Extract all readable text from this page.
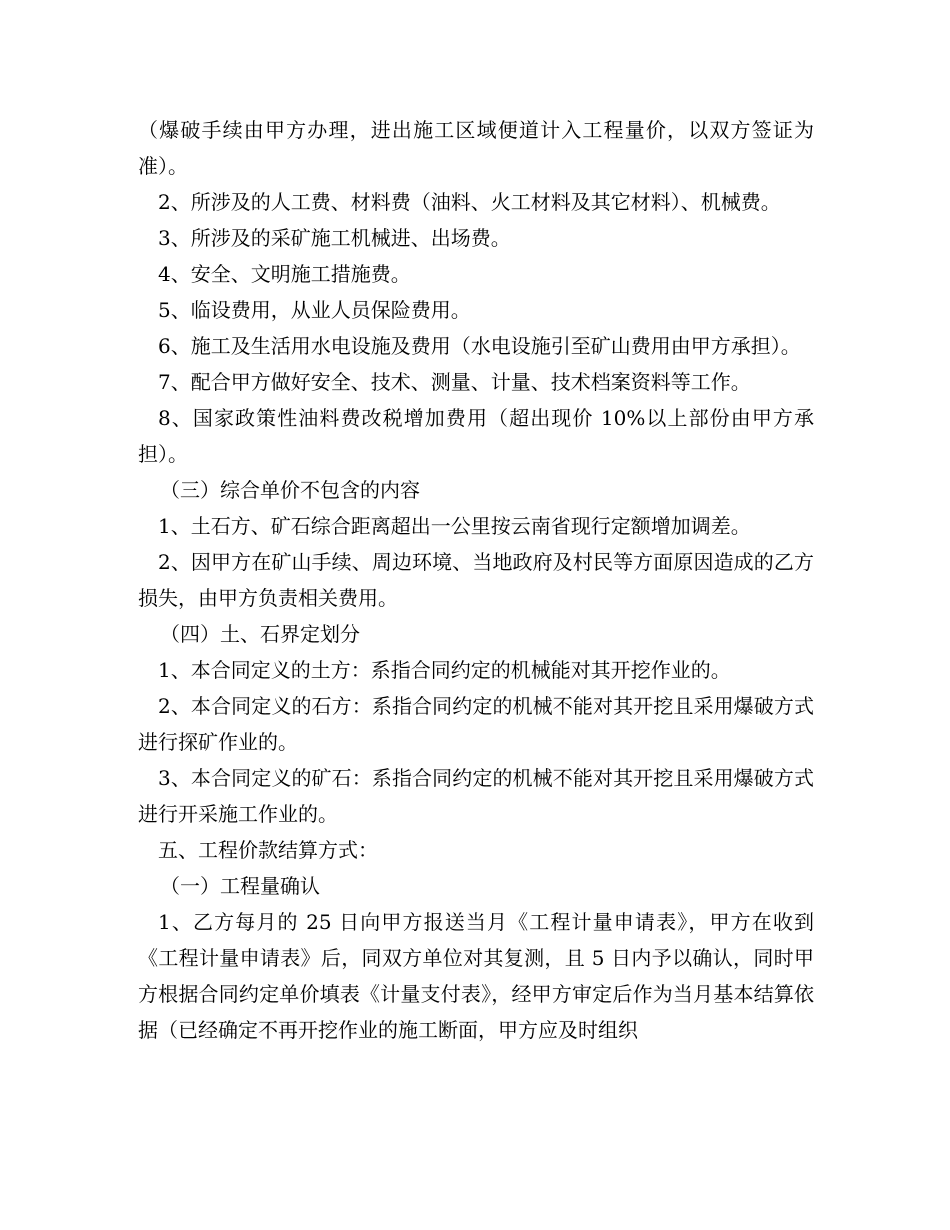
（爆破手续由甲方办理，进出施工区域便道计入工程量价，以双方签证为准）。

2、所涉及的人工费、材料费（油料、火工材料及其它材料）、机械费。

3、所涉及的采矿施工机械进、出场费。

4、安全、文明施工措施费。

5、临设费用，从业人员保险费用。

6、施工及生活用水电设施及费用（水电设施引至矿山费用由甲方承担）。

7、配合甲方做好安全、技术、测量、计量、技术档案资料等工作。

8、国家政策性油料费改税增加费用（超出现价 10%以上部份由甲方承担）。

（三）综合单价不包含的内容

1、土石方、矿石综合距离超出一公里按云南省现行定额增加调差。

2、因甲方在矿山手续、周边环境、当地政府及村民等方面原因造成的乙方损失，由甲方负责相关费用。

（四）土、石界定划分

1、本合同定义的土方：系指合同约定的机械能对其开挖作业的。

2、本合同定义的石方：系指合同约定的机械不能对其开挖且采用爆破方式进行探矿作业的。

3、本合同定义的矿石：系指合同约定的机械不能对其开挖且采用爆破方式进行开采施工作业的。

五、工程价款结算方式：

（一）工程量确认

1、乙方每月的 25 日向甲方报送当月《工程计量申请表》，甲方在收到《工程计量申请表》后，同双方单位对其复测，且 5 日内予以确认，同时甲方根据合同约定单价填表《计量支付表》，经甲方审定后作为当月基本结算依据（已经确定不再开挖作业的施工断面，甲方应及时组织
